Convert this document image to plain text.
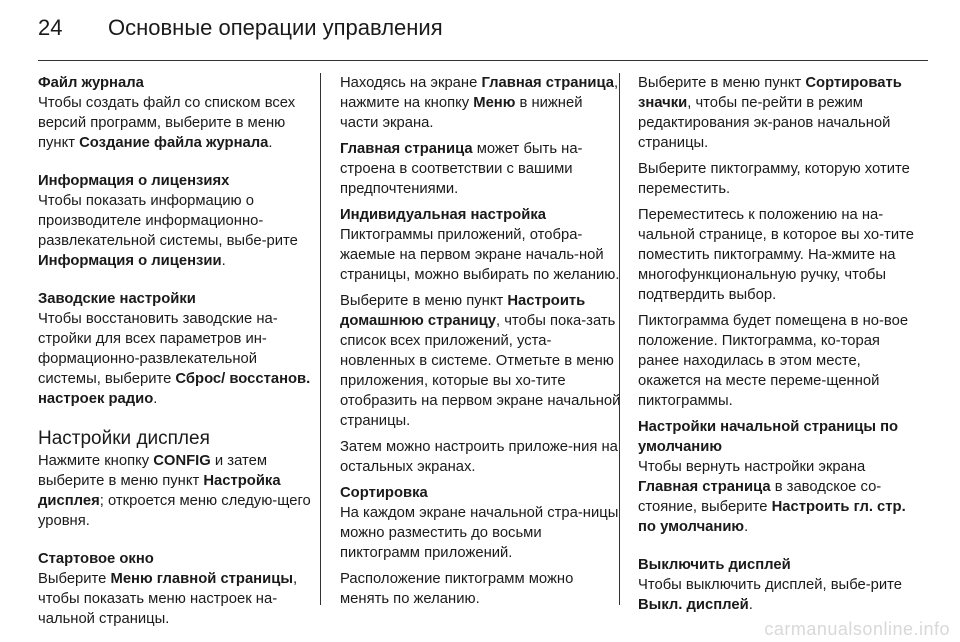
24 Основные операции управления
Файл журнала

Чтобы создать файл со списком всех версий программ, выберите в меню пункт Создание файла журнала.

Информация о лицензиях

Чтобы показать информацию о производителе информационно-развлекательной системы, выбе-рите Информация о лицензии.

Заводские настройки

Чтобы восстановить заводские на-стройки для всех параметров ин-формационно-развлекательной системы, выберите Сброс/ восстанов. настроек радио.

Настройки дисплея

Нажмите кнопку CONFIG и затем выберите в меню пункт Настройка дисплея; откроется меню следую-щего уровня.

Стартовое окно

Выберите Меню главной страницы, чтобы показать меню настроек на-чальной страницы.

Находясь на экране Главная страница, нажмите на кнопку Меню в нижней части экрана.

Главная страница может быть на-строена в соответствии с вашими предпочтениями.

Индивидуальная настройка

Пиктограммы приложений, отобра-жаемые на первом экране началь-ной страницы, можно выбирать по желанию.

Выберите в меню пункт Настроить домашнюю страницу, чтобы пока-зать список всех приложений, уста-новленных в системе. Отметьте в меню приложения, которые вы хо-тите отобразить на первом экране начальной страницы.

Затем можно настроить приложе-ния на остальных экранах.

Сортировка

На каждом экране начальной стра-ницы можно разместить до восьми пиктограмм приложений.

Расположение пиктограмм можно менять по желанию.

Выберите в меню пункт Сортировать значки, чтобы пе-рейти в режим редактирования эк-ранов начальной страницы.

Выберите пиктограмму, которую хотите переместить.

Переместитесь к положению на на-чальной странице, в которое вы хо-тите поместить пиктограмму. На-жмите на многофункциональную ручку, чтобы подтвердить выбор.

Пиктограмма будет помещена в но-вое положение. Пиктограмма, ко-торая ранее находилась в этом месте, окажется на месте переме-щенной пиктограммы.

Настройки начальной страницы по умолчанию

Чтобы вернуть настройки экрана Главная страница в заводское со-стояние, выберите Настроить гл. стр. по умолчанию.

Выключить дисплей

Чтобы выключить дисплей, выбе-рите Выкл. дисплей.

carmanualsonline.info
